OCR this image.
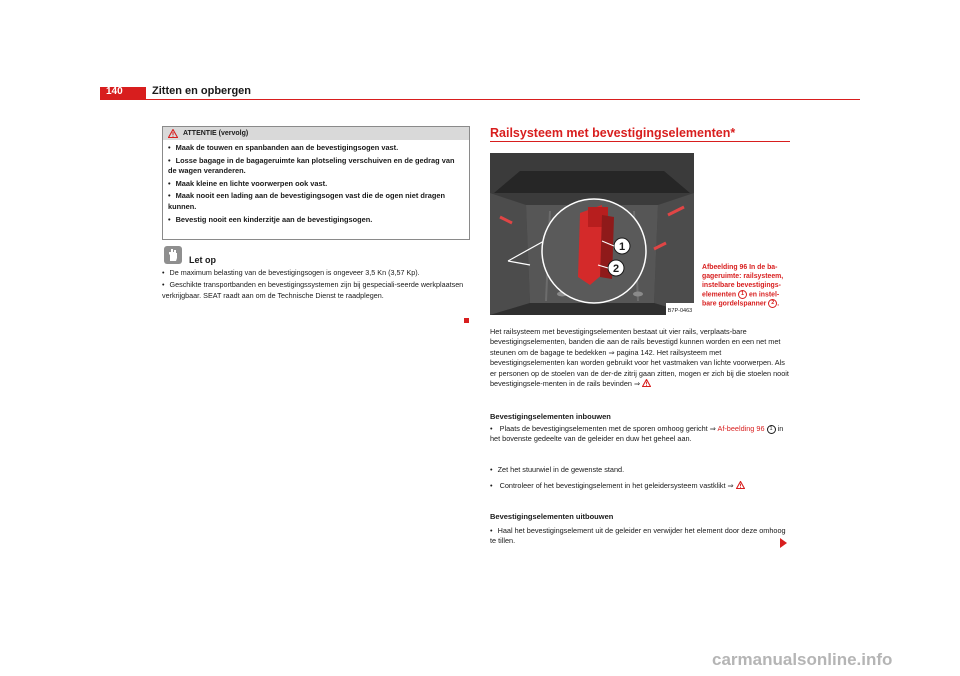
140	Zitten en opbergen
ATTENTIE (vervolg)
• Maak de touwen en spanbanden aan de bevestigingsogen vast.
• Losse bagage in de bagageruimte kan plotseling verschuiven en de gedrag van de wagen veranderen.
• Maak kleine en lichte voorwerpen ook vast.
• Maak nooit een lading aan de bevestigingsogen vast die de ogen niet dragen kunnen.
• Bevestig nooit een kinderzitje aan de bevestigingsogen.
Let op
• De maximum belasting van de bevestigingsogen is ongeveer 3,5 Kn (3,57 Kp).
• Geschikte transportbanden en bevestigingssystemen zijn bij gespeciali-seerde werkplaatsen verkrijgbaar. SEAT raadt aan om de Technische Dienst te raadplegen.
Railsysteem met bevestigingselementen*
1
2
B7P-0463
Afbeelding 96 In de ba-gageruimte: railsysteem, instelbare bevestigings-elementen 1 en instel-bare gordelspanner 2 .

Het railsysteem met bevestigingselementen bestaat uit vier rails, verplaats-bare bevestigingselementen, banden die aan de rails bevestigd kunnen worden en een net met steunen om de bagage te bedekken ⇒ pagina 142. Het railsysteem met bevestigingselementen kan worden gebruikt voor het vastmaken van lichte voorwerpen. Als er personen op de stoelen van de der-de zitrij gaan zitten, mogen er zich bij die stoelen nooit bevestigingsele-menten in de rails bevinden ⇒

Bevestigingselementen inbouwen

• Plaats de bevestigingselementen met de sporen omhoog gericht ⇒ Af-beelding 96 1 in het bovenste gedeelte van de geleider en duw het geheel aan.

• Zet het stuurwiel in de gewenste stand.

• Controleer of het bevestigingselement in het geleidersysteem vastklikt ⇒

Bevestigingselementen uitbouwen

• Haal het bevestigingselement uit de geleider en verwijder het element door deze omhoog te tillen.

carmanualsonline.info
